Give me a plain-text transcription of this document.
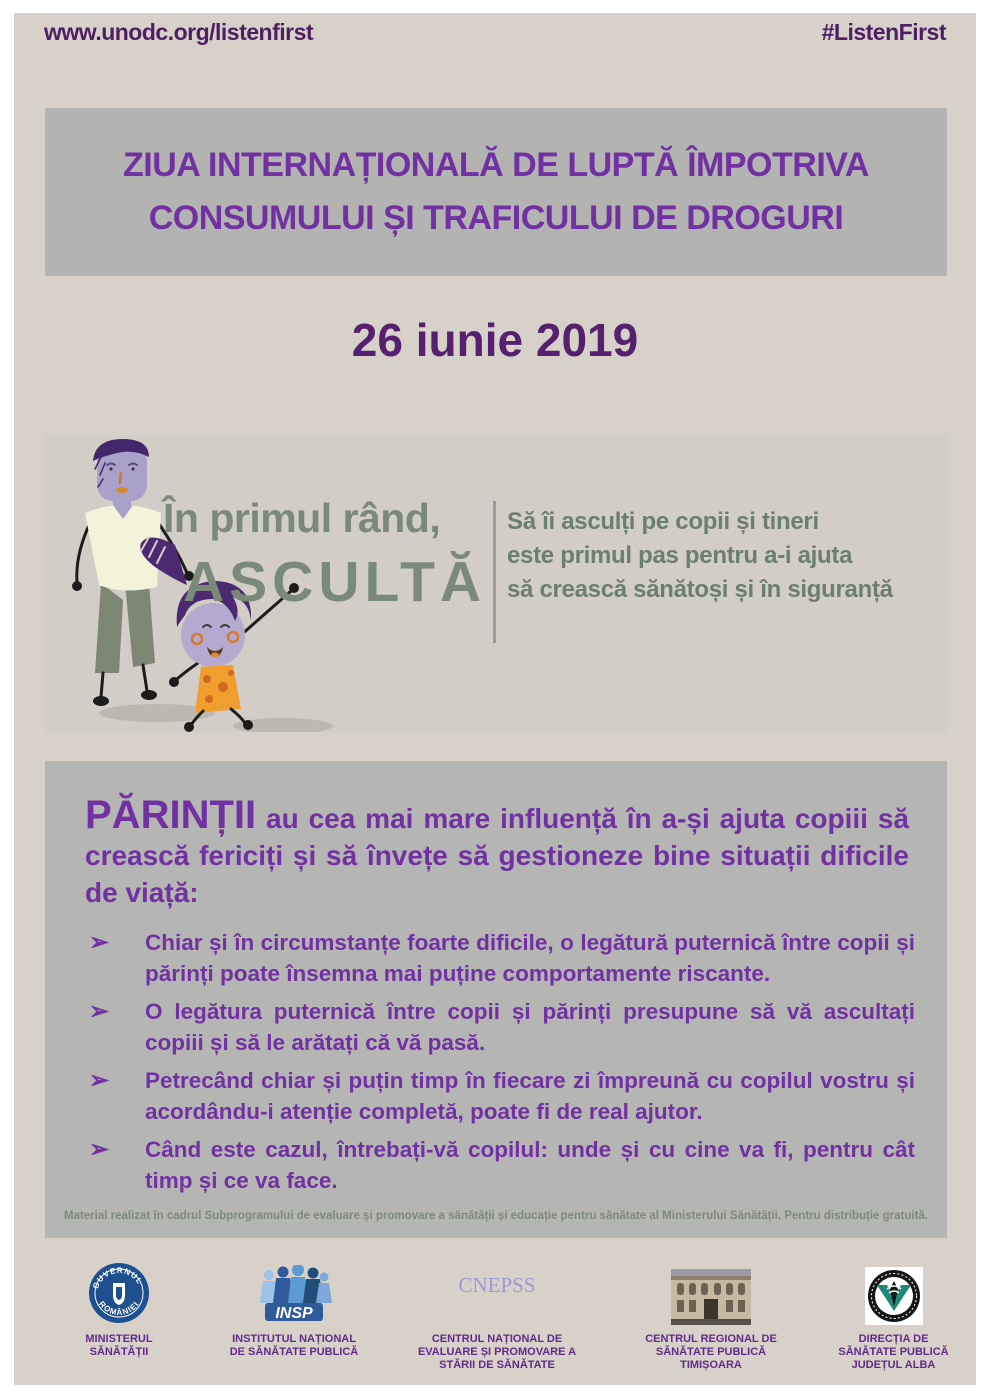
www.unodc.org/listenfirst	#ListenFirst
ZIUA INTERNAȚIONALĂ DE LUPTĂ ÎMPOTRIVA
CONSUMULUI ȘI TRAFICULUI DE DROGURI
26 iunie 2019
În primul rând,
ASCULTĂ
Să îi asculți pe copii și tineri
este primul pas pentru a-i ajuta
să crească sănătoși și în siguranță
PĂRINȚII au cea mai mare influență în a-și ajuta copiii să crească fericiți și să învețe să gestioneze bine situații dificile de viață:
➢ Chiar și în circumstanțe foarte dificile, o legătură puternică între copii și părinți poate însemna mai puține comportamente riscante.
➢ O legătura puternică între copii și părinți presupune să vă ascultați copiii și să le arătați că vă pasă.
➢ Petrecând chiar și puțin timp în fiecare zi împreună cu copilul vostru și acordându-i atenție completă, poate fi de real ajutor.
➢ Când este cazul, întrebați-vă copilul: unde și cu cine va fi, pentru cât timp și ce va face.
Material realizat în cadrul Subprogramului de evaluare și promovare a sănătății și educație pentru sănătate al Ministerului Sănătății. Pentru distribuție gratuită.
GUVERNUL
ROMÂNIEI
MINISTERUL
SĂNĂTĂȚII
INSP
INSTITUTUL NAȚIONAL
DE SĂNĂTATE PUBLICĂ
CNEPSS
CENTRUL NAȚIONAL DE
EVALUARE ȘI PROMOVARE A
STĂRII DE SĂNĂTATE
CENTRUL REGIONAL DE
SĂNĂTATE PUBLICĂ
TIMIȘOARA
DIRECȚIA DE
SĂNĂTATE PUBLICĂ
JUDEȚUL ALBA
